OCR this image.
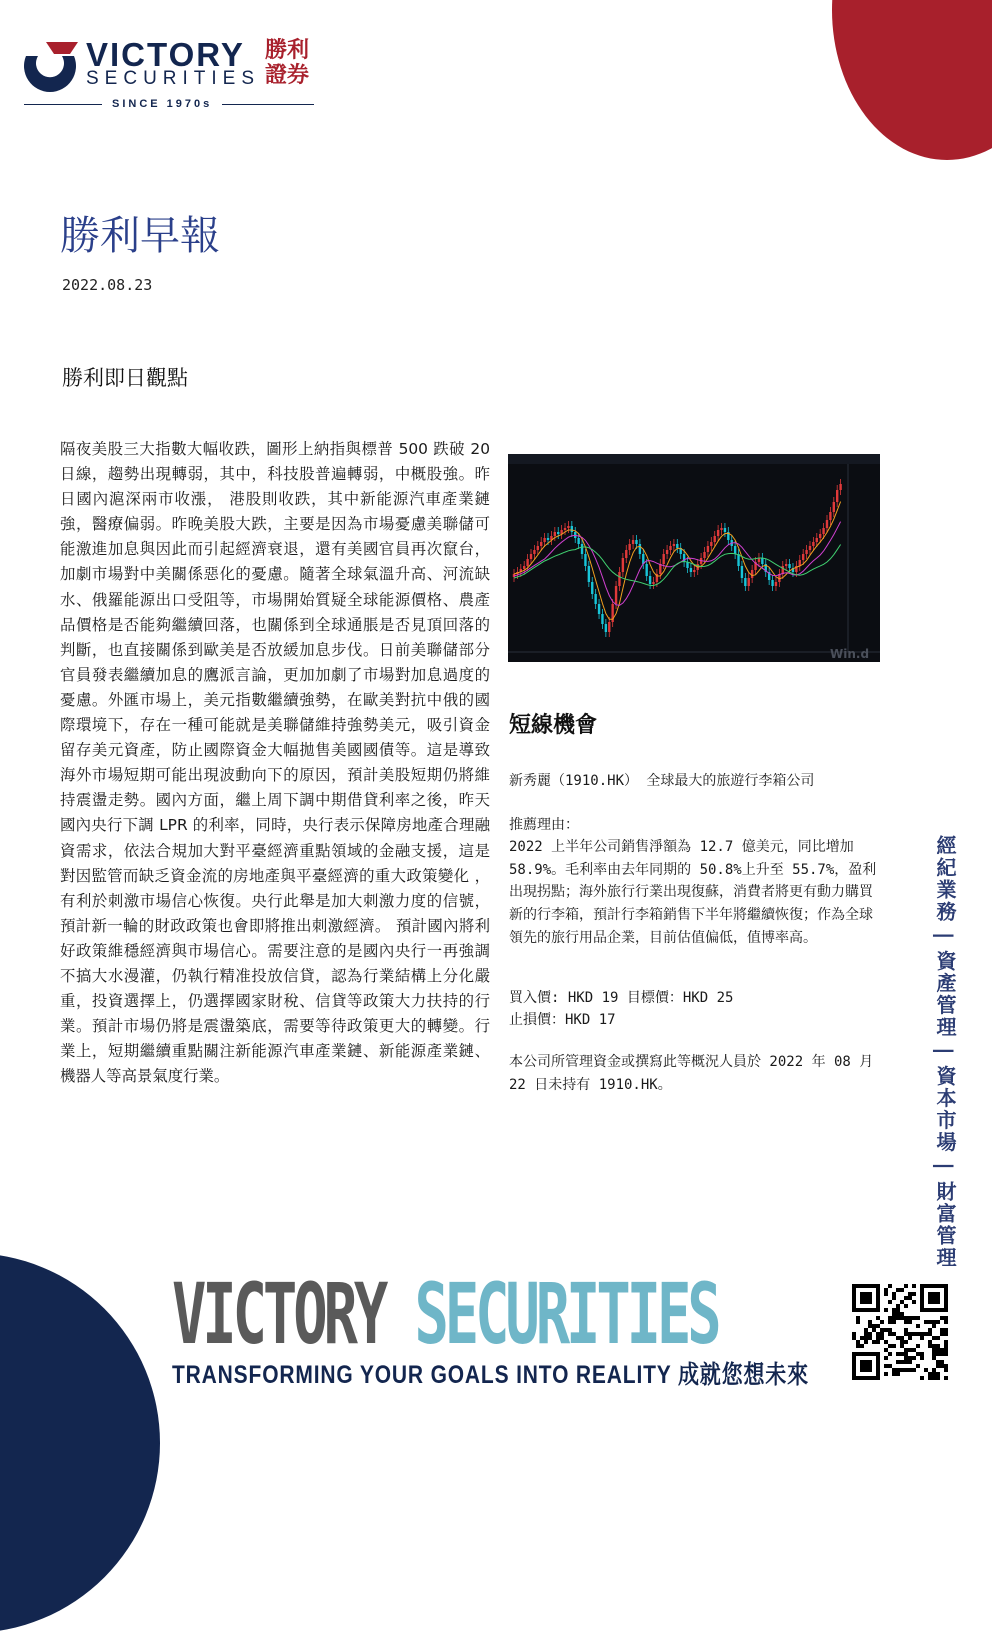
VICTORY
SECURITIES
勝利證券
SINCE 1970s
勝利早報
2022.08.23
勝利即日觀點

隔夜美股三大指數大幅收跌，圖形上納指與標普 500 跌破 20 日線，趨勢出現轉弱，其中，科技股普遍轉弱，中概股強。昨日國內滬深兩市收漲， 港股則收跌，其中新能源汽車產業鏈強，醫療偏弱。昨晚美股大跌，主要是因為市場憂慮美聯儲可能激進加息與因此而引起經濟衰退，還有美國官員再次竄台，加劇市場對中美關係惡化的憂慮。隨著全球氣溫升高、河流缺水、俄羅能源出口受阻等，市場開始質疑全球能源價格、農產品價格是否能夠繼續回落，也關係到全球通脹是否見頂回落的判斷，也直接關係到歐美是否放緩加息步伐。日前美聯儲部分官員發表繼續加息的鷹派言論，更加加劇了市場對加息過度的憂慮。外匯市場上，美元指數繼續強勢，在歐美對抗中俄的國際環境下，存在一種可能就是美聯儲維持強勢美元，吸引資金留存美元資產，防止國際資金大幅拋售美國國債等。這是導致海外市場短期可能出現波動向下的原因，預計美股短期仍將維持震盪走勢。國內方面，繼上周下調中期借貸利率之後，昨天國內央行下調 LPR 的利率，同時，央行表示保障房地產合理融資需求，依法合規加大對平臺經濟重點領域的金融支援，這是對因監管而缺乏資金流的房地產與平臺經濟的重大政策變化 ，有利於刺激市場信心恢復。央行此舉是加大刺激力度的信號，預計新一輪的財政政策也會即將推出刺激經濟。 預計國內將利好政策維穩經濟與市場信心。需要注意的是國內央行一再強調不搞大水漫灌，仍執行精准投放信貸，認為行業結構上分化嚴重，投資選擇上，仍選擇國家財稅、信貸等政策大力扶持的行業。預計市場仍將是震盪築底，需要等待政策更大的轉變。行業上，短期繼續重點關注新能源汽車產業鏈、新能源產業鏈、機器人等高景氣度行業。

Win.d
短線機會

新秀麗（1910.HK） 全球最大的旅遊行李箱公司

推薦理由：

2022 上半年公司銷售淨額為 12.7 億美元，同比增加 58.9%。毛利率由去年同期的 50.8%上升至 55.7%，盈利出現拐點；海外旅行行業出現復蘇，消費者將更有動力購買新的行李箱，預計行李箱銷售下半年將繼續恢復；作為全球領先的旅行用品企業，目前估值偏低，值博率高。

買入價: HKD 19 目標價：HKD 25

止損價：HKD 17

本公司所管理資金或撰寫此等概況人員於 2022 年 08 月 22 日未持有 1910.HK。	經紀業務 | 資產管理 | 資本市場 | 財富管理
VICTORY SECURITIES
TRANSFORMING YOUR GOALS INTO REALITY 成就您想未來
